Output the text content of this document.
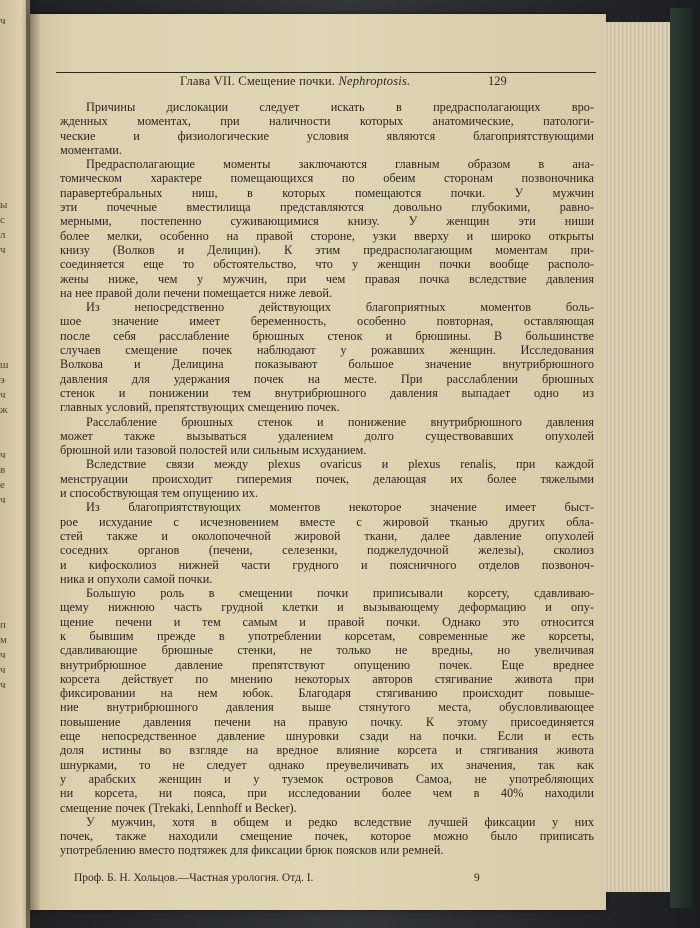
ч
ы
с
л
ч
ш
э
ч
ж
ч
в
е
ч
п
м
ч
ч
ч
Глава VII. Смещение почки. Nephroptosis.	129
Причины дислокации следует искать в предрасполагающих вро-
жденных моментах, при наличности которых анатомические, патологи-
ческие и физиологические условия являются благоприятствующими
моментами.
Предрасполагающие моменты заключаются главным образом в ана-
томическом характере помещающихся по обеим сторонам позвоночника
паравертебральных ниш, в которых помещаются почки. У мужчин
эти почечные вместилища представляются довольно глубокими, равно-
мерными, постепенно суживающимися книзу. У женщин эти ниши
более мелки, особенно на правой стороне, узки вверху и широко открыты
книзу (Волков и Делицин). К этим предрасполагающим моментам при-
соединяется еще то обстоятельство, что у женщин почки вообще располо-
жены ниже, чем у мужчин, при чем правая почка вследствие давления
на нее правой доли печени помещается ниже левой.
Из непосредственно действующих благоприятных моментов боль-
шое значение имеет беременность, особенно повторная, оставляющая
после себя расслабление брюшных стенок и брюшины. В большинстве
случаев смещение почек наблюдают у рожавших женщин. Исследования
Волкова и Делицина показывают большое значение внутрибрюшного
давления для удержания почек на месте. При расслаблении брюшных
стенок и понижении тем внутрибрюшного давления выпадает одно из
главных условий, препятствующих смещению почек.
Расслабление брюшных стенок и понижение внутрибрюшного давления
может также вызываться удалением долго существовавших опухолей
брюшной или тазовой полостей или сильным исхуданием.
Вследствие связи между plexus ovaricus и plexus renalis, при каждой
менструации происходит гиперемия почек, делающая их более тяжелыми
и способствующая тем опущению их.
Из благоприятствующих моментов некоторое значение имеет быст-
рое исхудание с исчезновением вместе с жировой тканью других обла-
стей также и околопочечной жировой ткани, далее давление опухолей
соседних органов (печени, селезенки, поджелудочной железы), сколиоз
и кифосколиоз нижней части грудного и поясничного отделов позвоноч-
ника и опухоли самой почки.
Большую роль в смещении почки приписывали корсету, сдавливаю-
щему нижнюю часть грудной клетки и вызывающему деформацию и опу-
щение печени и тем самым и правой почки. Однако это относится
к бывшим прежде в употреблении корсетам, современные же корсеты,
сдавливающие брюшные стенки, не только не вредны, но увеличивая
внутрибрюшное давление препятствуют опущению почек. Еще вреднее
корсета действует по мнению некоторых авторов стягивание живота при
фиксировании на нем юбок. Благодаря стягиванию происходит повыше-
ние внутрибрюшного давления выше стянутого места, обусловливающее
повышение давления печени на правую почку. К этому присоединяется
еще непосредственное давление шнуровки сзади на почки. Если и есть
доля истины во взгляде на вредное влияние корсета и стягивания живота
шнурками, то не следует однако преувеличивать их значения, так как
у арабских женщин и у туземок островов Самоа, не употребляющих
ни корсета, ни пояса, при исследовании более чем в 40% находили
смещение почек (Trekaki, Lennhoff и Becker).
У мужчин, хотя в общем и редко вследствие лучшей фиксации у них
почек, также находили смещение почек, которое можно было приписать
употреблению вместо подтяжек для фиксации брюк поясков или ремней.
Проф. Б. Н. Хольцов.—Частная урология. Отд. I.	9
